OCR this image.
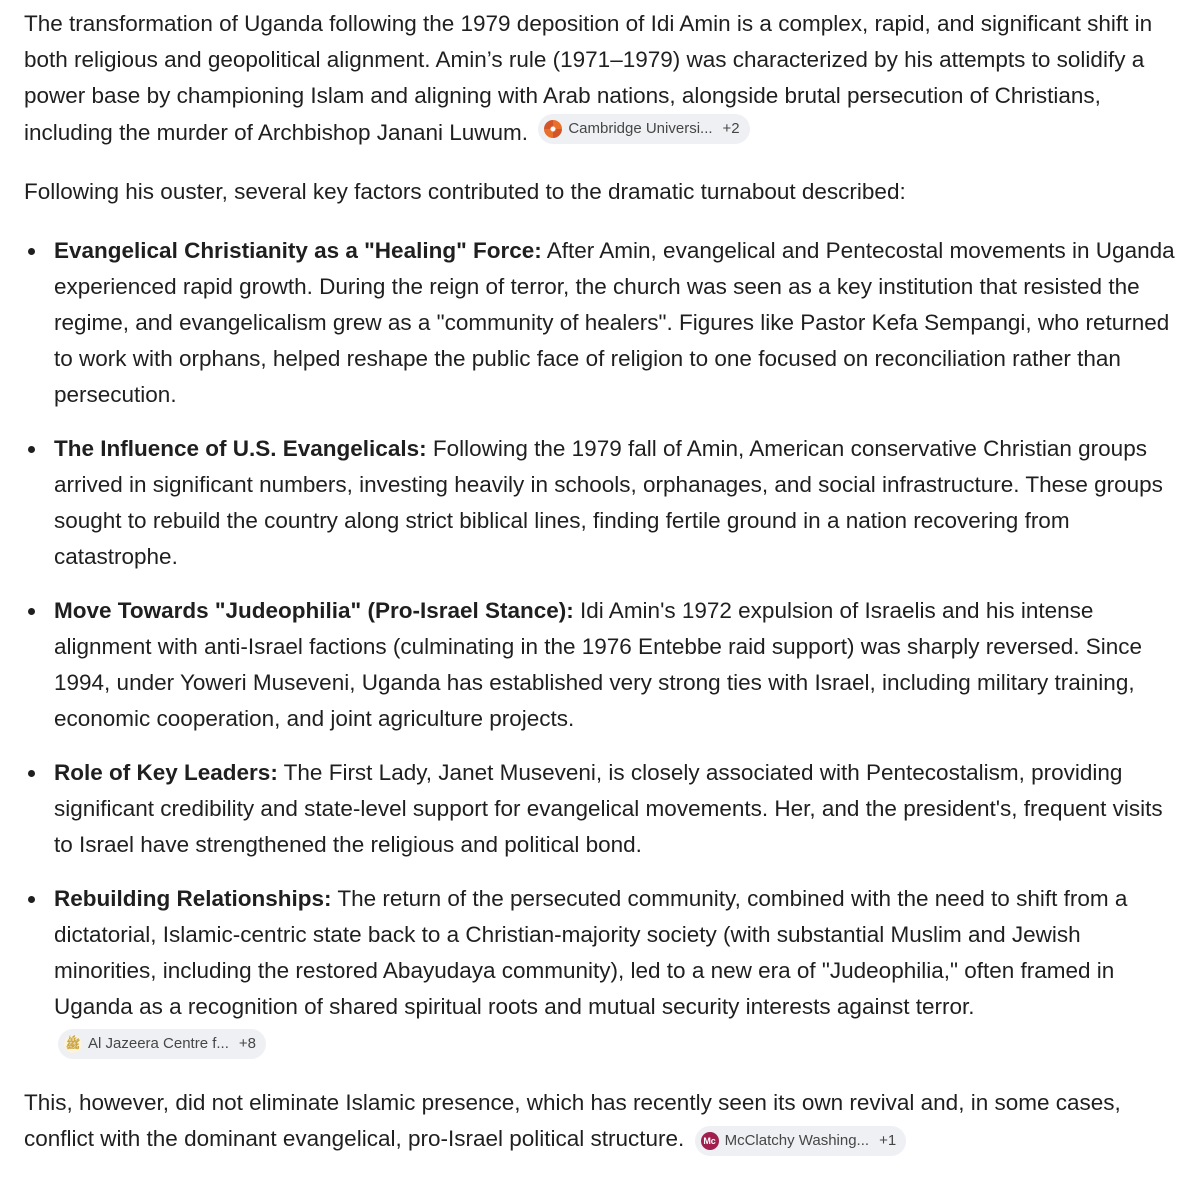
The transformation of Uganda following the 1979 deposition of Idi Amin is a complex, rapid, and significant shift in both religious and geopolitical alignment. Amin’s rule (1971–1979) was characterized by his attempts to solidify a power base by championing Islam and aligning with Arab nations, alongside brutal persecution of Christians, including the murder of Archbishop Janani Luwum.	Cambridge Universi... +2

Following his ouster, several key factors contributed to the dramatic turnabout described:

Evangelical Christianity as a "Healing" Force: After Amin, evangelical and Pentecostal movements in Uganda experienced rapid growth. During the reign of terror, the church was seen as a key institution that resisted the regime, and evangelicalism grew as a "community of healers". Figures like Pastor Kefa Sempangi, who returned to work with orphans, helped reshape the public face of religion to one focused on reconciliation rather than persecution.
The Influence of U.S. Evangelicals: Following the 1979 fall of Amin, American conservative Christian groups arrived in significant numbers, investing heavily in schools, orphanages, and social infrastructure. These groups sought to rebuild the country along strict biblical lines, finding fertile ground in a nation recovering from catastrophe.
Move Towards "Judeophilia" (Pro-Israel Stance): Idi Amin's 1972 expulsion of Israelis and his intense alignment with anti-Israel factions (culminating in the 1976 Entebbe raid support) was sharply reversed. Since 1994, under Yoweri Museveni, Uganda has established very strong ties with Israel, including military training, economic cooperation, and joint agriculture projects.
Role of Key Leaders: The First Lady, Janet Museveni, is closely associated with Pentecostalism, providing significant credibility and state-level support for evangelical movements. Her, and the president's, frequent visits to Israel have strengthened the religious and political bond.
Rebuilding Relationships: The return of the persecuted community, combined with the need to shift from a dictatorial, Islamic-centric state back to a Christian-majority society (with substantial Muslim and Jewish minorities, including the restored Abayudaya community), led to a new era of "Judeophilia," often framed in Uganda as a recognition of shared spiritual roots and mutual security interests against terror.
ﷺ Al Jazeera Centre f... +8

This, however, did not eliminate Islamic presence, which has recently seen its own revival and, in some cases, conflict with the dominant evangelical, pro-Israel political structure.	Mc McClatchy Washing... +1
